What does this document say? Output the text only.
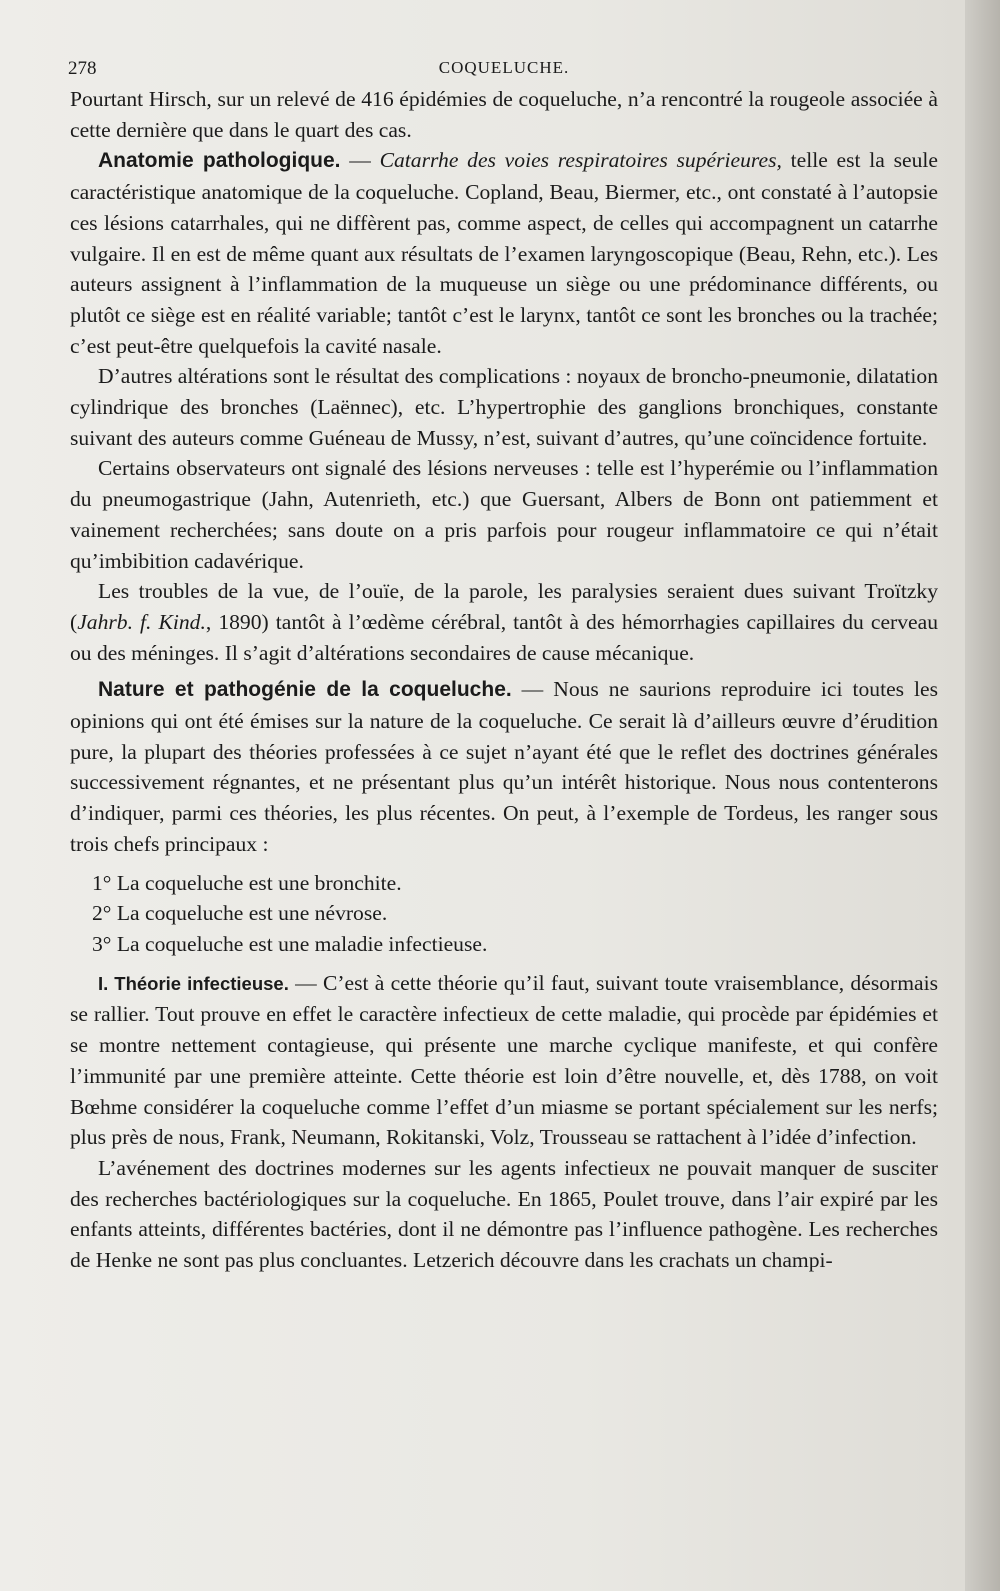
278	COQUELUCHE.

Pourtant Hirsch, sur un relevé de 416 épidémies de coqueluche, n’a rencontré la rougeole associée à cette dernière que dans le quart des cas.

Anatomie pathologique. — Catarrhe des voies respiratoires supérieures, telle est la seule caractéristique anatomique de la coqueluche. Copland, Beau, Biermer, etc., ont constaté à l’autopsie ces lésions catarrhales, qui ne diffèrent pas, comme aspect, de celles qui accompagnent un catarrhe vulgaire. Il en est de même quant aux résultats de l’examen laryngoscopique (Beau, Rehn, etc.). Les auteurs assignent à l’inflammation de la muqueuse un siège ou une prédominance différents, ou plutôt ce siège est en réalité variable; tantôt c’est le larynx, tantôt ce sont les bronches ou la trachée; c’est peut-être quelquefois la cavité nasale.

D’autres altérations sont le résultat des complications : noyaux de broncho-pneumonie, dilatation cylindrique des bronches (Laënnec), etc. L’hypertrophie des ganglions bronchiques, constante suivant des auteurs comme Guéneau de Mussy, n’est, suivant d’autres, qu’une coïncidence fortuite.

Certains observateurs ont signalé des lésions nerveuses : telle est l’hyperémie ou l’inflammation du pneumogastrique (Jahn, Autenrieth, etc.) que Guersant, Albers de Bonn ont patiemment et vainement recherchées; sans doute on a pris parfois pour rougeur inflammatoire ce qui n’était qu’imbibition cadavérique.

Les troubles de la vue, de l’ouïe, de la parole, les paralysies seraient dues suivant Troïtzky (Jahrb. f. Kind., 1890) tantôt à l’œdème cérébral, tantôt à des hémorrhagies capillaires du cerveau ou des méninges. Il s’agit d’altérations secondaires de cause mécanique.

Nature et pathogénie de la coqueluche. — Nous ne saurions reproduire ici toutes les opinions qui ont été émises sur la nature de la coqueluche. Ce serait là d’ailleurs œuvre d’érudition pure, la plupart des théories professées à ce sujet n’ayant été que le reflet des doctrines générales successivement régnantes, et ne présentant plus qu’un intérêt historique. Nous nous contenterons d’indiquer, parmi ces théories, les plus récentes. On peut, à l’exemple de Tordeus, les ranger sous trois chefs principaux :

1° La coqueluche est une bronchite.

2° La coqueluche est une névrose.

3° La coqueluche est une maladie infectieuse.

I. Théorie infectieuse. — C’est à cette théorie qu’il faut, suivant toute vraisemblance, désormais se rallier. Tout prouve en effet le caractère infectieux de cette maladie, qui procède par épidémies et se montre nettement contagieuse, qui présente une marche cyclique manifeste, et qui confère l’immunité par une première atteinte. Cette théorie est loin d’être nouvelle, et, dès 1788, on voit Bœhme considérer la coqueluche comme l’effet d’un miasme se portant spécialement sur les nerfs; plus près de nous, Frank, Neumann, Rokitanski, Volz, Trousseau se rattachent à l’idée d’infection.

L’avénement des doctrines modernes sur les agents infectieux ne pouvait manquer de susciter des recherches bactériologiques sur la coqueluche. En 1865, Poulet trouve, dans l’air expiré par les enfants atteints, différentes bactéries, dont il ne démontre pas l’influence pathogène. Les recherches de Henke ne sont pas plus concluantes. Letzerich découvre dans les crachats un champi-
